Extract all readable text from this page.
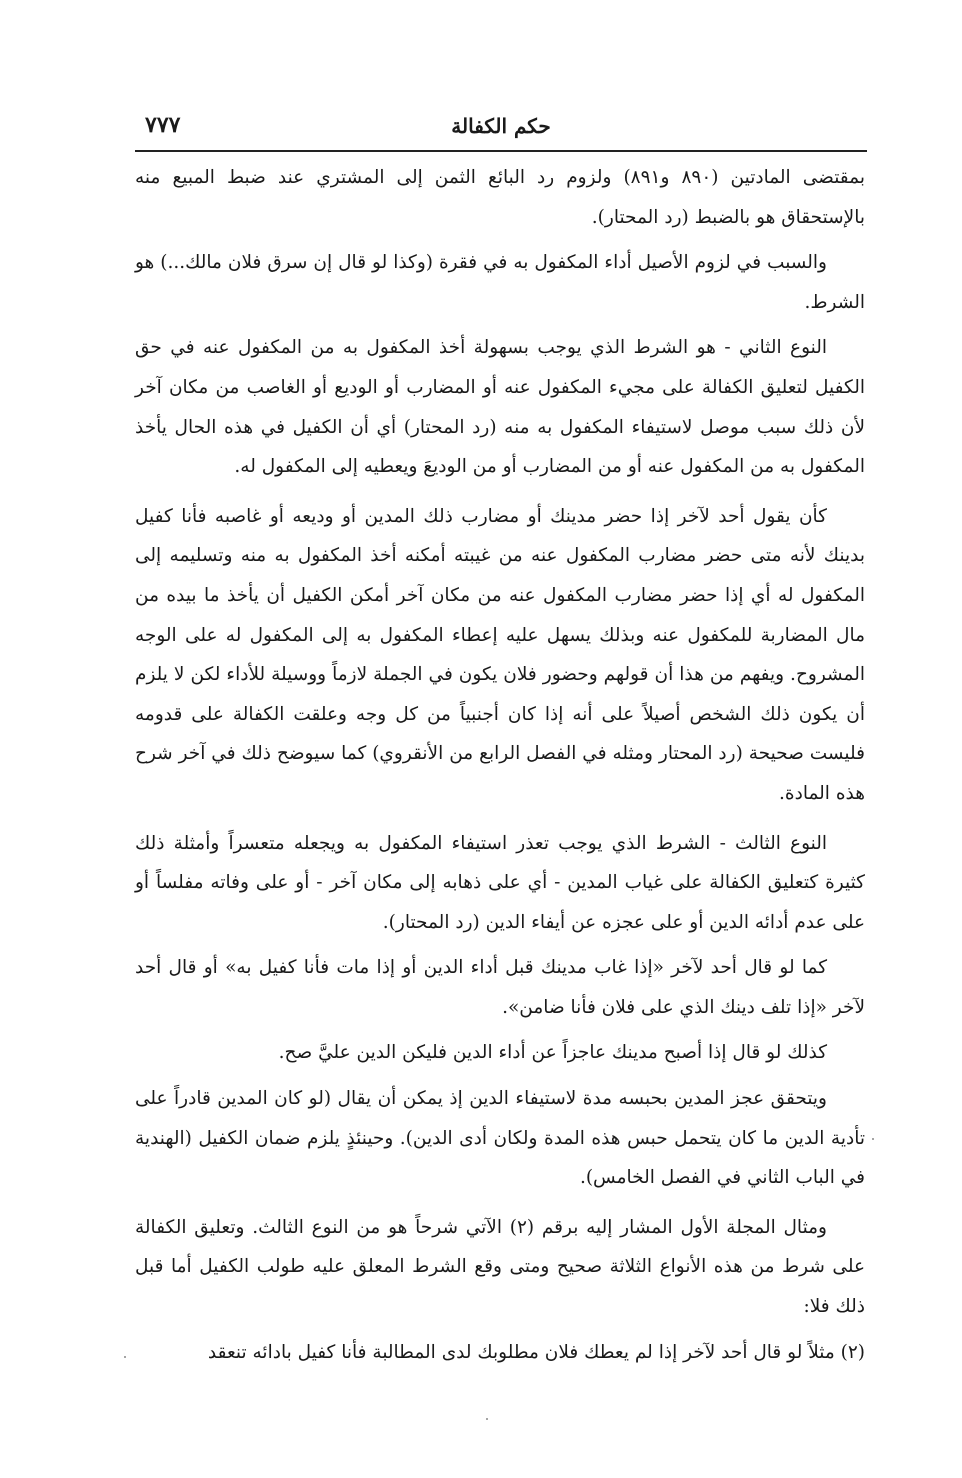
٧٧٧	حكم الكفالة

بمقتضى المادتين (٨٩٠ و٨٩١) ولزوم رد البائع الثمن إلى المشتري عند ضبط المبيع منه بالإستحقاق هو بالضبط (رد المحتار).

والسبب في لزوم الأصيل أداء المكفول به في فقرة (وكذا لو قال إن سرق فلان مالك...) هو الشرط.

النوع الثاني - هو الشرط الذي يوجب بسهولة أخذ المكفول به من المكفول عنه في حق الكفيل لتعليق الكفالة على مجيء المكفول عنه أو المضارب أو الوديع أو الغاصب من مكان آخر لأن ذلك سبب موصل لاستيفاء المكفول به منه (رد المحتار) أي أن الكفيل في هذه الحال يأخذ المكفول به من المكفول عنه أو من المضارب أو من الوديعَ ويعطيه إلى المكفول له.

كأن يقول أحد لآخر إذا حضر مدينك أو مضارب ذلك المدين أو وديعه أو غاصبه فأنا كفيل بدينك لأنه متى حضر مضارب المكفول عنه من غيبته أمكنه أخذ المكفول به منه وتسليمه إلى المكفول له أي إذا حضر مضارب المكفول عنه من مكان آخر أمكن الكفيل أن يأخذ ما بيده من مال المضاربة للمكفول عنه وبذلك يسهل عليه إعطاء المكفول به إلى المكفول له على الوجه المشروح. ويفهم من هذا أن قولهم وحضور فلان يكون في الجملة لازماً ووسيلة للأداء لكن لا يلزم أن يكون ذلك الشخص أصيلاً على أنه إذا كان أجنبياً من كل وجه وعلقت الكفالة على قدومه فليست صحيحة (رد المحتار ومثله في الفصل الرابع من الأنقروي) كما سيوضح ذلك في آخر شرح هذه المادة.

النوع الثالث - الشرط الذي يوجب تعذر استيفاء المكفول به ويجعله متعسراً وأمثلة ذلك كثيرة كتعليق الكفالة على غياب المدين - أي على ذهابه إلى مكان آخر - أو على وفاته مفلساً أو على عدم أدائه الدين أو على عجزه عن أيفاء الدين (رد المحتار).

كما لو قال أحد لآخر «إذا غاب مدينك قبل أداء الدين أو إذا مات فأنا كفيل به» أو قال أحد لآخر «إذا تلف دينك الذي على فلان فأنا ضامن».

كذلك لو قال إذا أصبح مدينك عاجزاً عن أداء الدين فليكن الدين عليَّ صح.

ويتحقق عجز المدين بحبسه مدة لاستيفاء الدين إذ يمكن أن يقال (لو كان المدين قادراً على تأدية الدين ما كان يتحمل حبس هذه المدة ولكان أدى الدين). وحينئذٍ يلزم ضمان الكفيل (الهندية في الباب الثاني في الفصل الخامس).

ومثال المجلة الأول المشار إليه برقم (٢) الآتي شرحاً هو من النوع الثالث. وتعليق الكفالة على شرط من هذه الأنواع الثلاثة صحيح ومتى وقع الشرط المعلق عليه طولب الكفيل أما قبل ذلك فلا:

(٢) مثلاً لو قال أحد لآخر إذا لم يعطك فلان مطلوبك لدى المطالبة فأنا كفيل بادائه تنعقد
